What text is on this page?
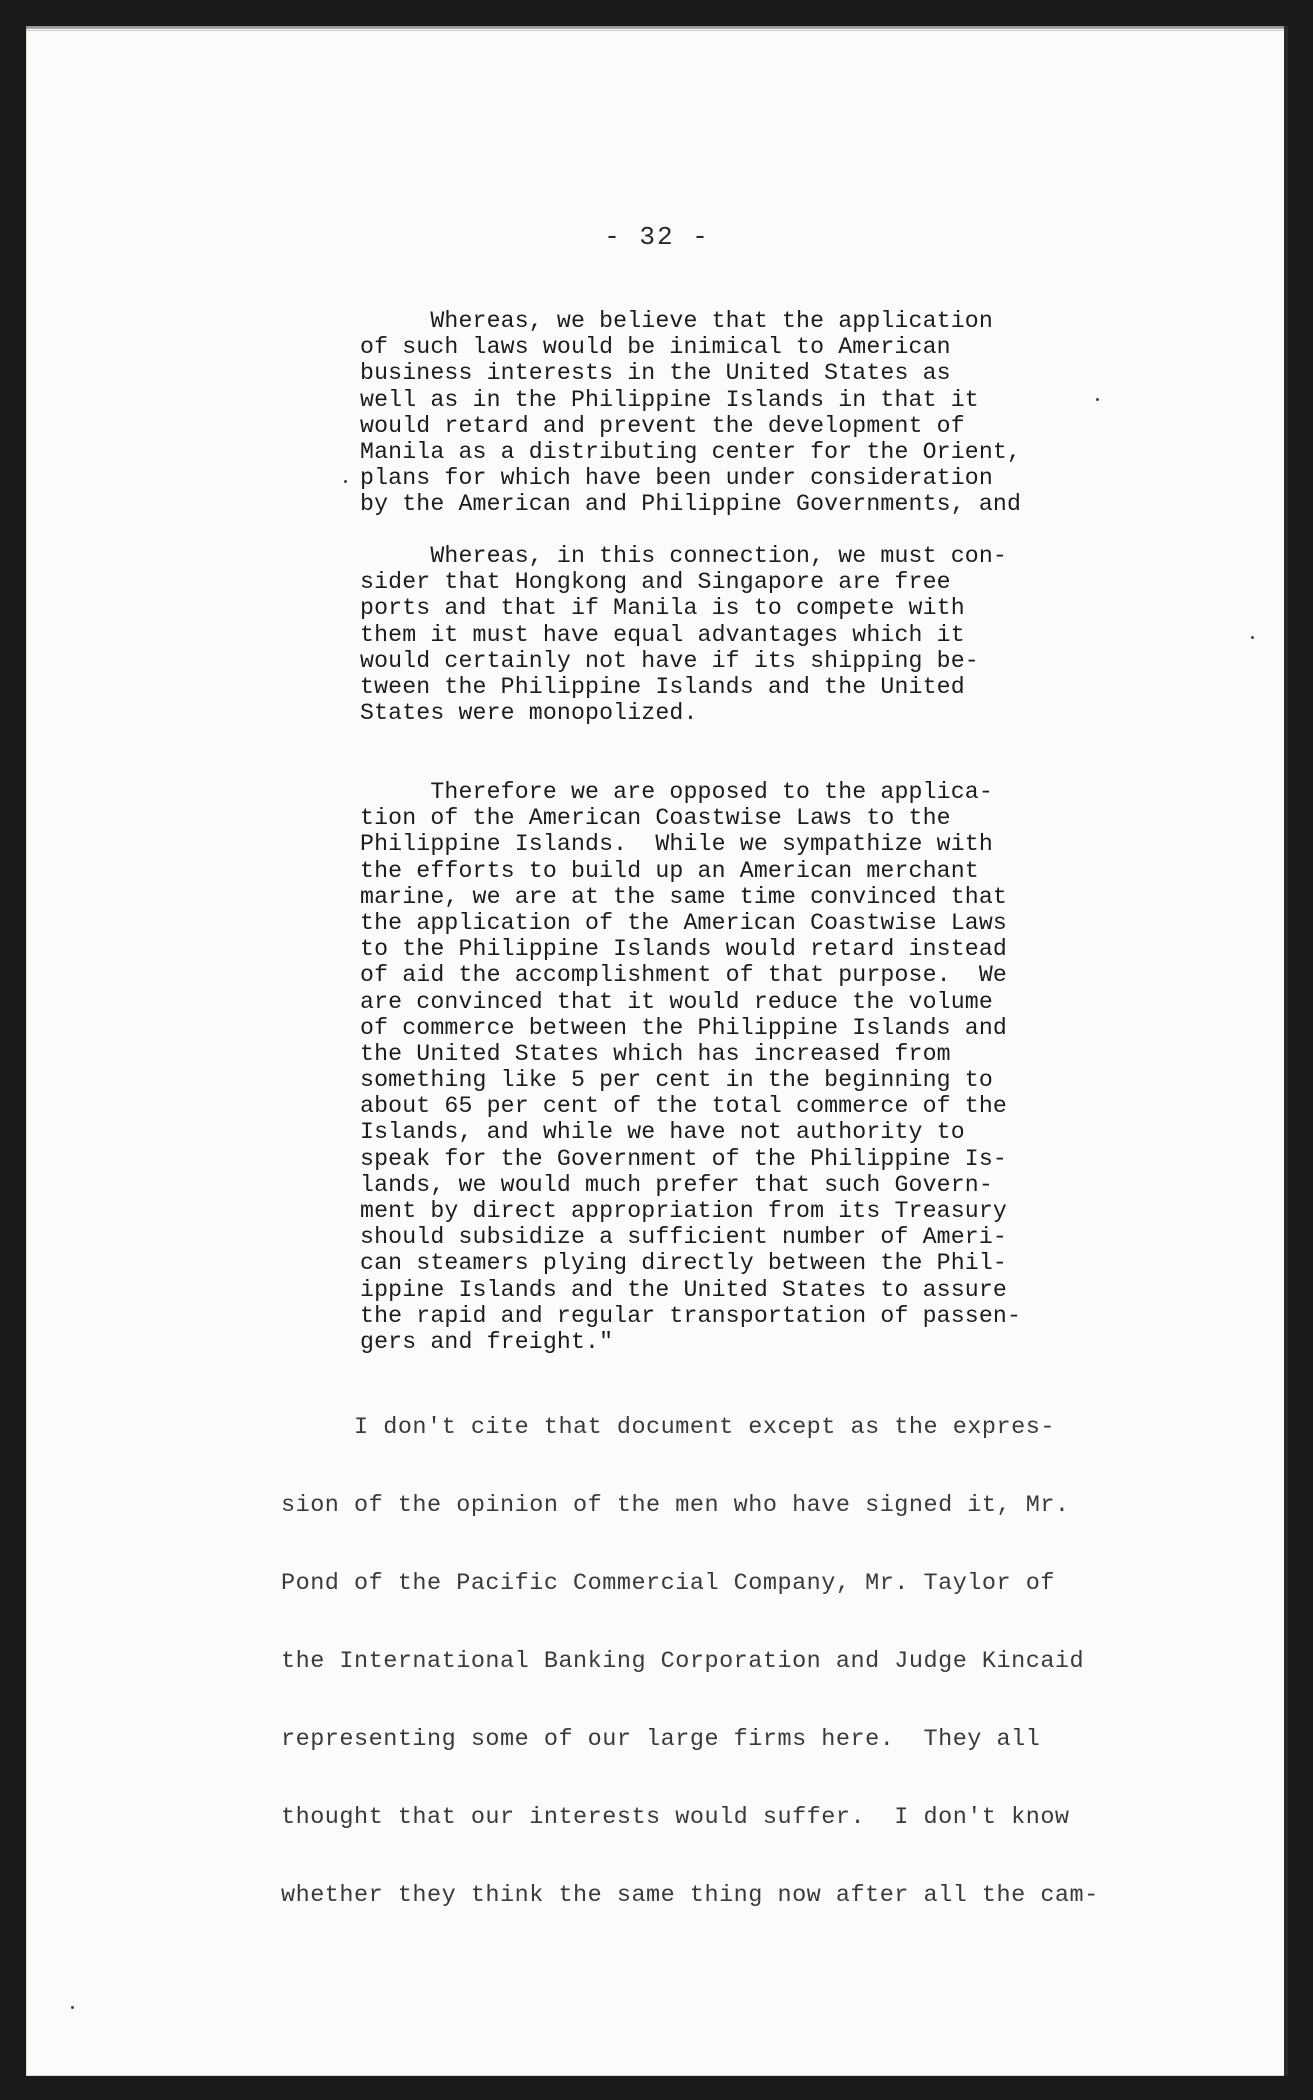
- 32 -
Whereas, we believe that the application
of such laws would be inimical to American
business interests in the United States as
well as in the Philippine Islands in that it
would retard and prevent the development of
Manila as a distributing center for the Orient,
plans for which have been under consideration
by the American and Philippine Governments, and
Whereas, in this connection, we must con-
sider that Hongkong and Singapore are free
ports and that if Manila is to compete with
them it must have equal advantages which it
would certainly not have if its shipping be-
tween the Philippine Islands and the United
States were monopolized.
Therefore we are opposed to the applica-
tion of the American Coastwise Laws to the
Philippine Islands.  While we sympathize with
the efforts to build up an American merchant
marine, we are at the same time convinced that
the application of the American Coastwise Laws
to the Philippine Islands would retard instead
of aid the accomplishment of that purpose.  We
are convinced that it would reduce the volume
of commerce between the Philippine Islands and
the United States which has increased from
something like 5 per cent in the beginning to
about 65 per cent of the total commerce of the
Islands, and while we have not authority to
speak for the Government of the Philippine Is-
lands, we would much prefer that such Govern-
ment by direct appropriation from its Treasury
should subsidize a sufficient number of Ameri-
can steamers plying directly between the Phil-
ippine Islands and the United States to assure
the rapid and regular transportation of passen-
gers and freight."
I don't cite that document except as the expres-
sion of the opinion of the men who have signed it, Mr.
Pond of the Pacific Commercial Company, Mr. Taylor of
the International Banking Corporation and Judge Kincaid
representing some of our large firms here.  They all
thought that our interests would suffer.  I don't know
whether they think the same thing now after all the cam-
